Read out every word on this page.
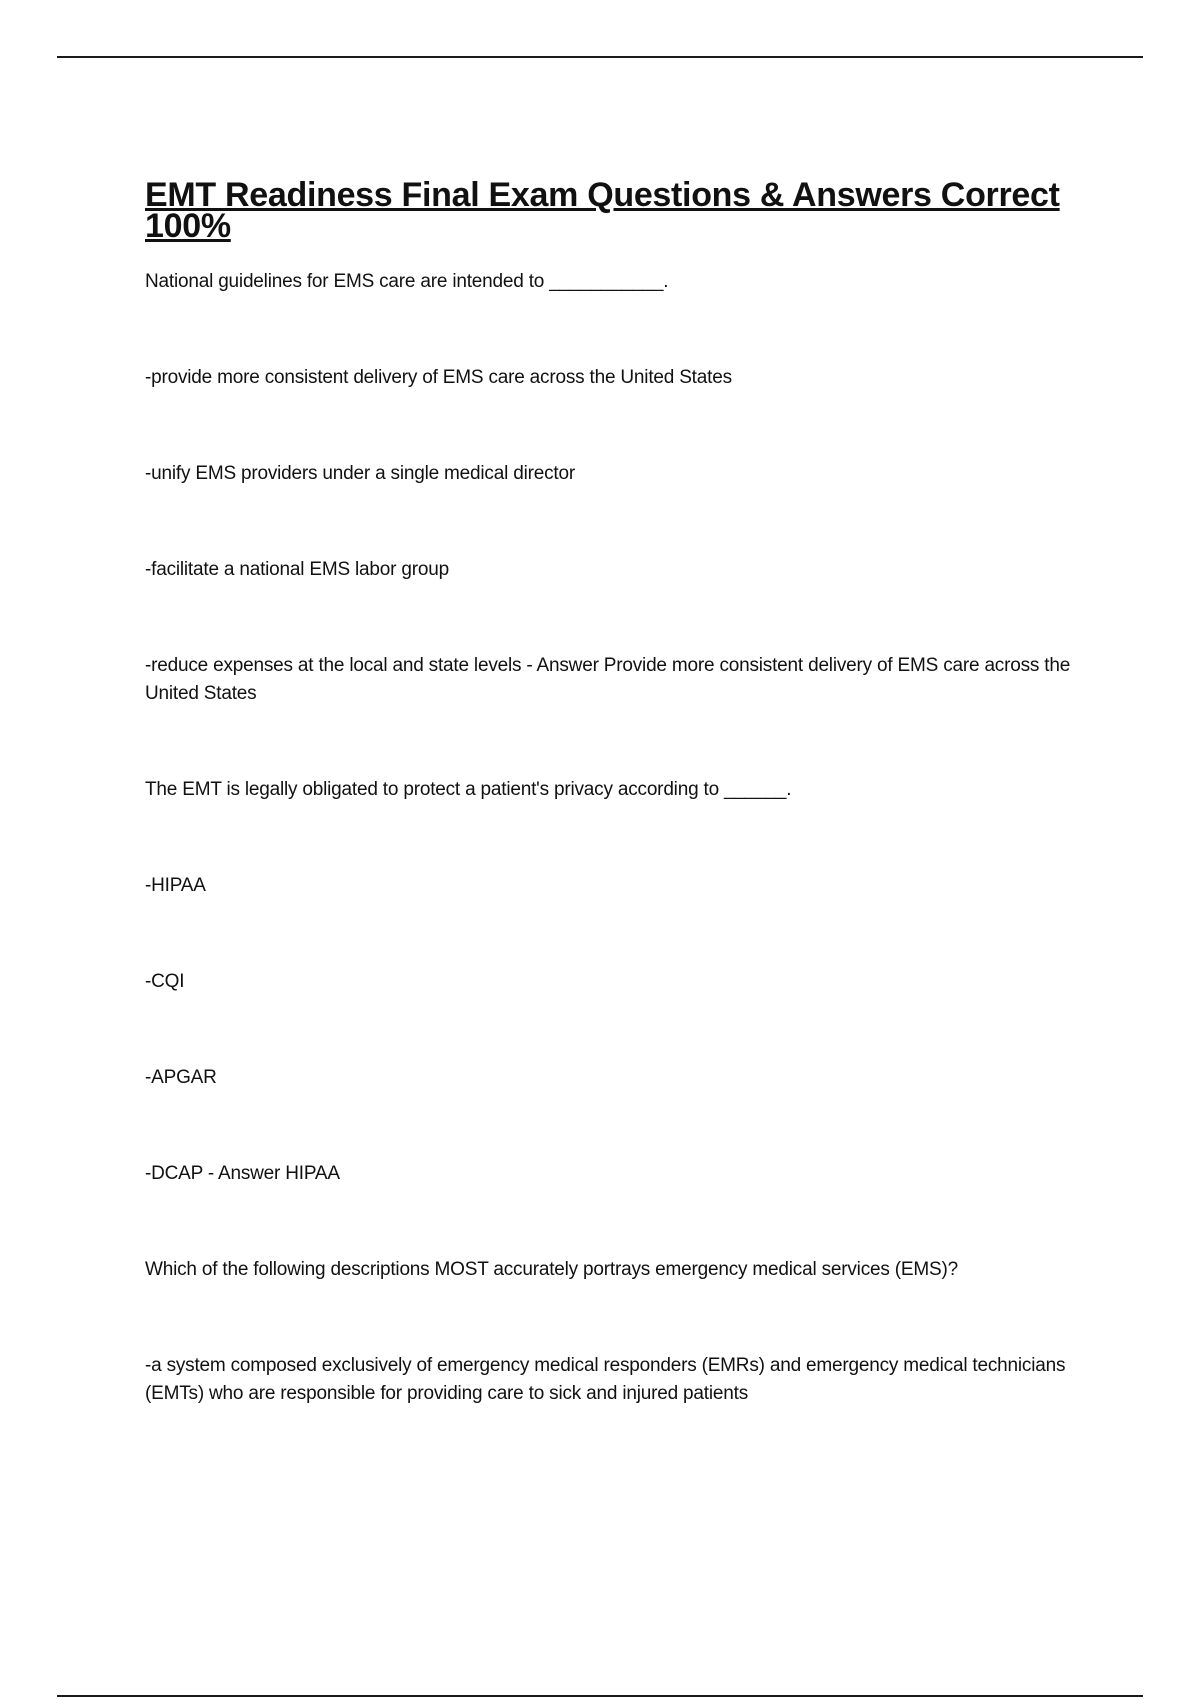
EMT Readiness Final Exam Questions & Answers Correct 100%

National guidelines for EMS care are intended to ___________.

-provide more consistent delivery of EMS care across the United States

-unify EMS providers under a single medical director

-facilitate a national EMS labor group

-reduce expenses at the local and state levels - Answer Provide more consistent delivery of EMS care across the United States

The EMT is legally obligated to protect a patient's privacy according to ______.

-HIPAA

-CQI

-APGAR

-DCAP - Answer HIPAA

Which of the following descriptions MOST accurately portrays emergency medical services (EMS)?

-a system composed exclusively of emergency medical responders (EMRs) and emergency medical technicians (EMTs) who are responsible for providing care to sick and injured patients
